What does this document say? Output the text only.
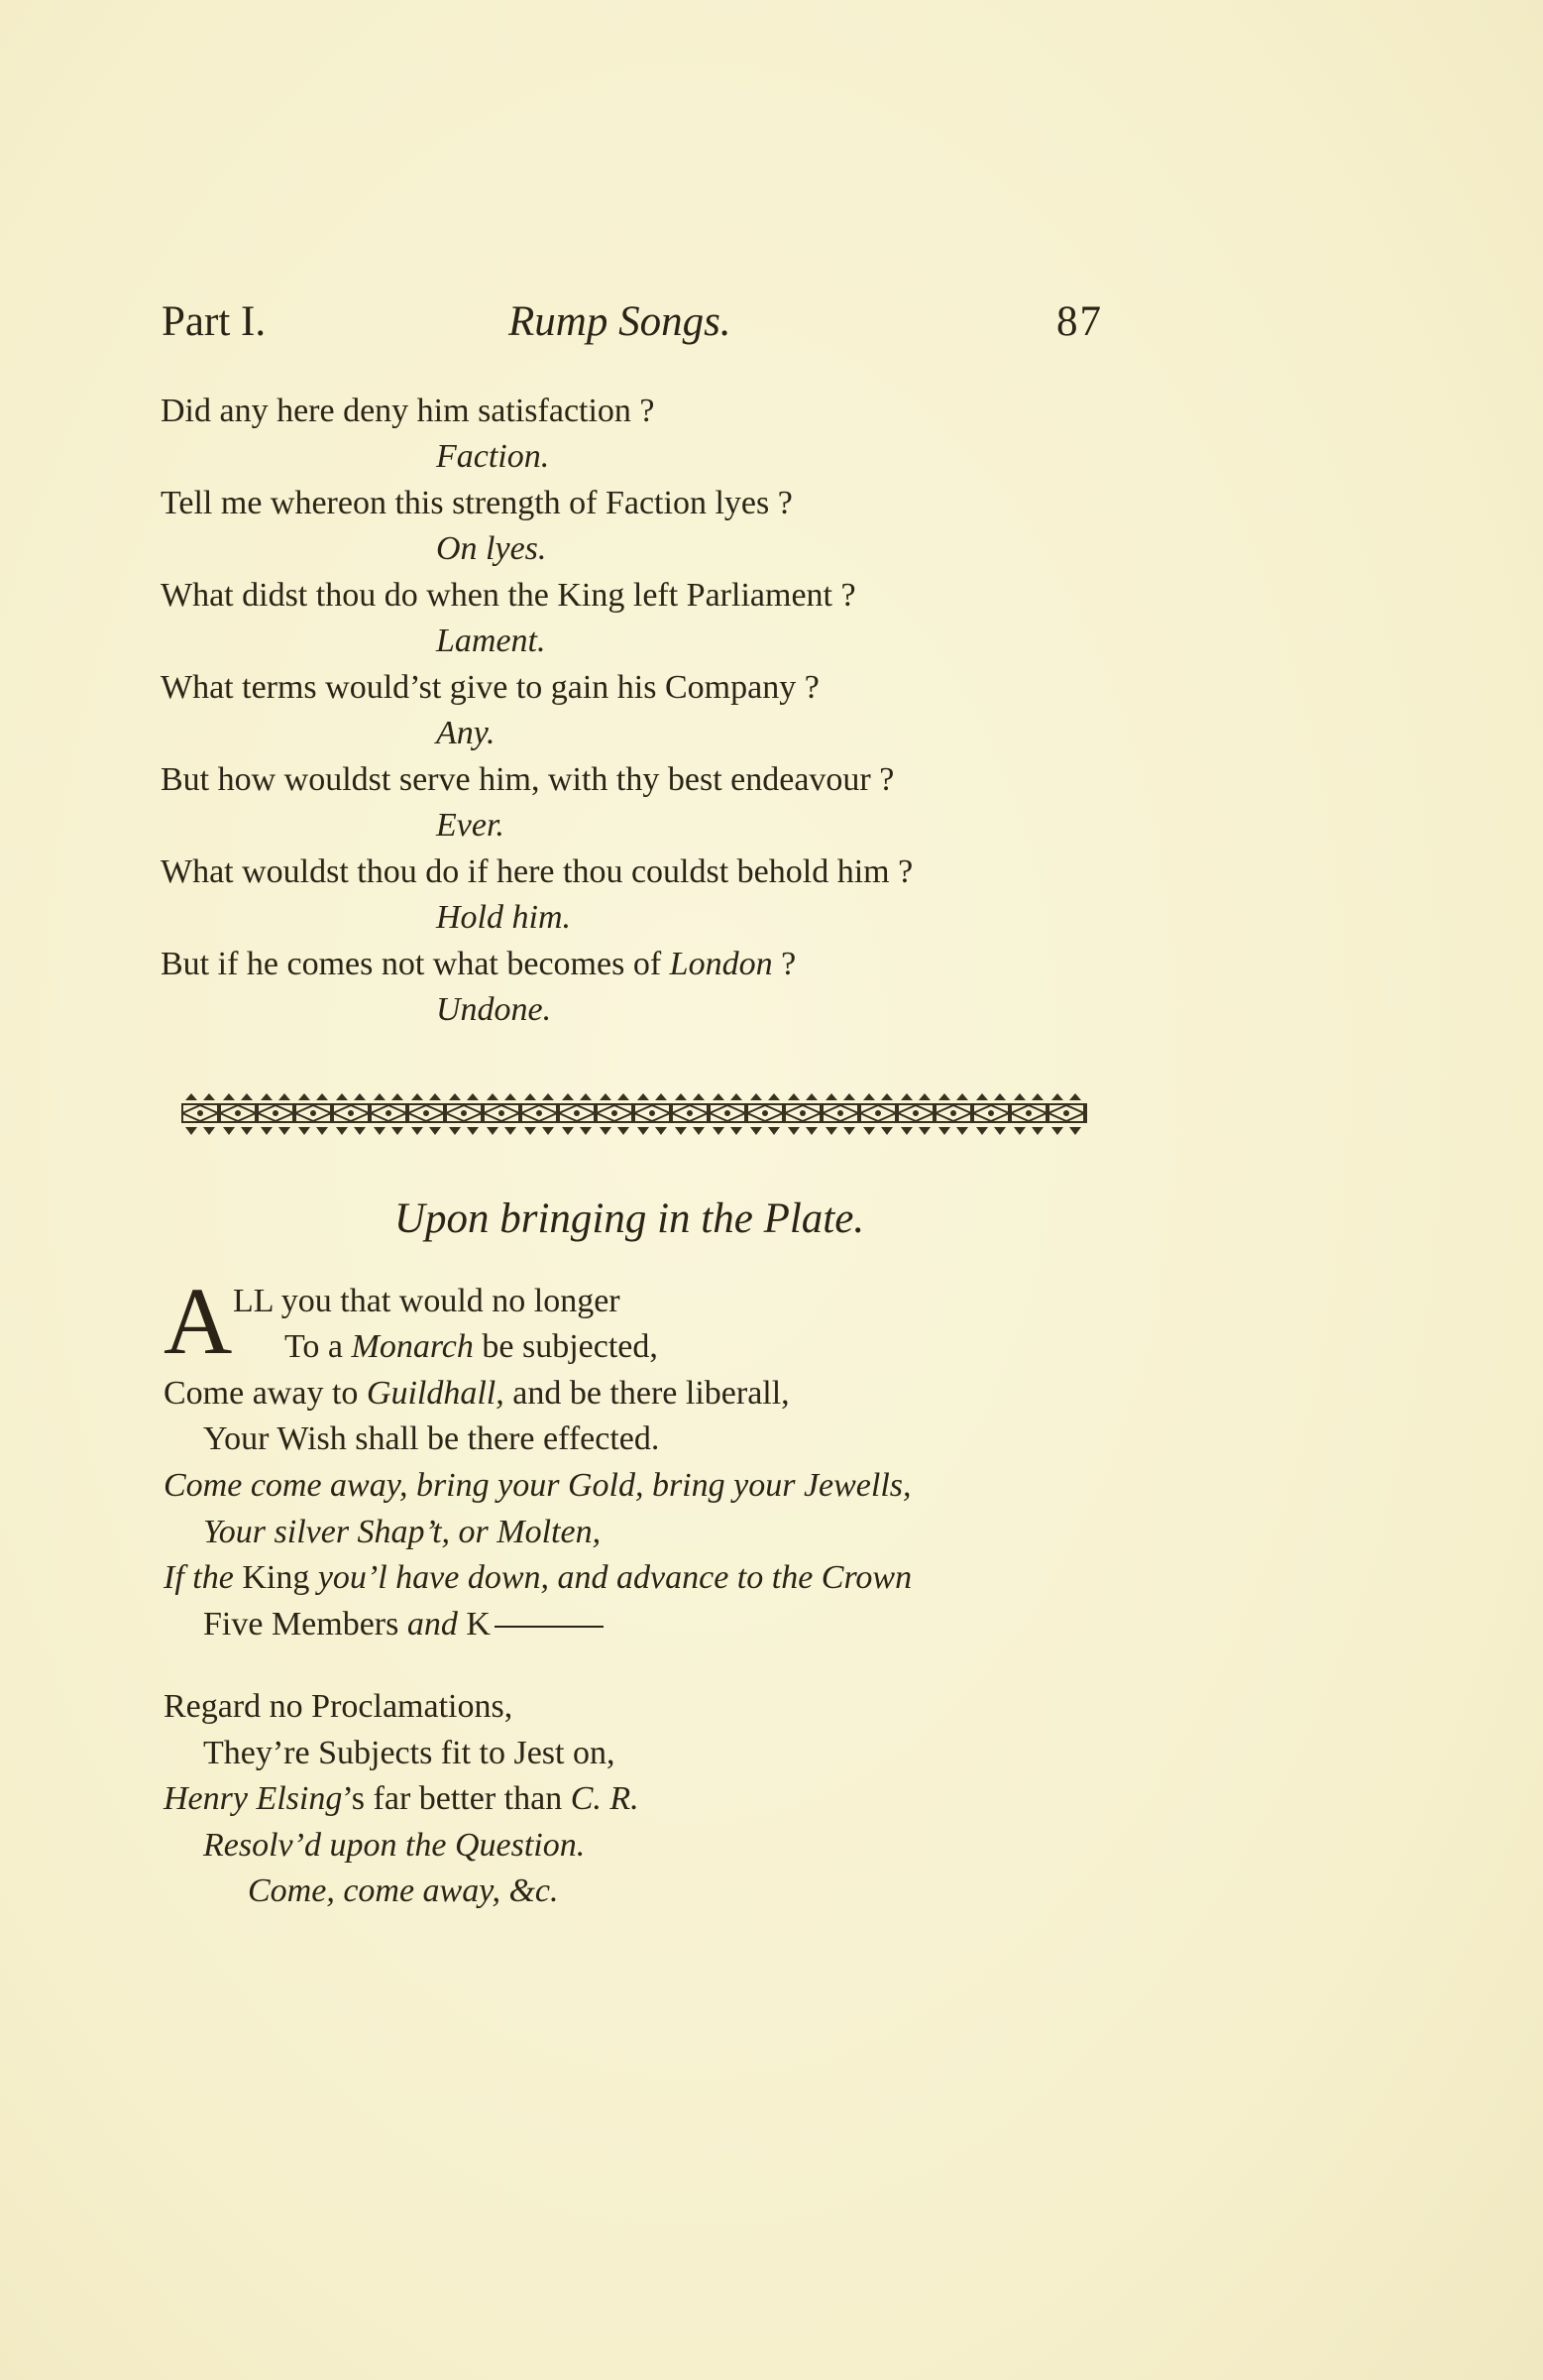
Part I.	Rump Songs.	87
Did any here deny him satisfaction ?
Faction.
Tell me whereon this strength of Faction lyes ?
On lyes.
What didst thou do when the King left Parliament ?
Lament.
What terms would’st give to gain his Company ?
Any.
But how wouldst serve him, with thy best endeavour ?
Ever.
What wouldst thou do if here thou couldst behold him ?
Hold him.
But if he comes not what becomes of London ?
Undone.
Upon bringing in the Plate.
A LL you that would no longer
To a Monarch be subjected,
Come away to Guildhall, and be there liberall,
Your Wish shall be there effected.
Come come away, bring your Gold, bring your Jewells,
Your silver Shap’t, or Molten,
If the King you’l have down, and advance to the Crown
Five Members and K
Regard no Proclamations,
They’re Subjects fit to Jest on,
Henry Elsing’s far better than C. R.
Resolv’d upon the Question.
Come, come away, &c.
